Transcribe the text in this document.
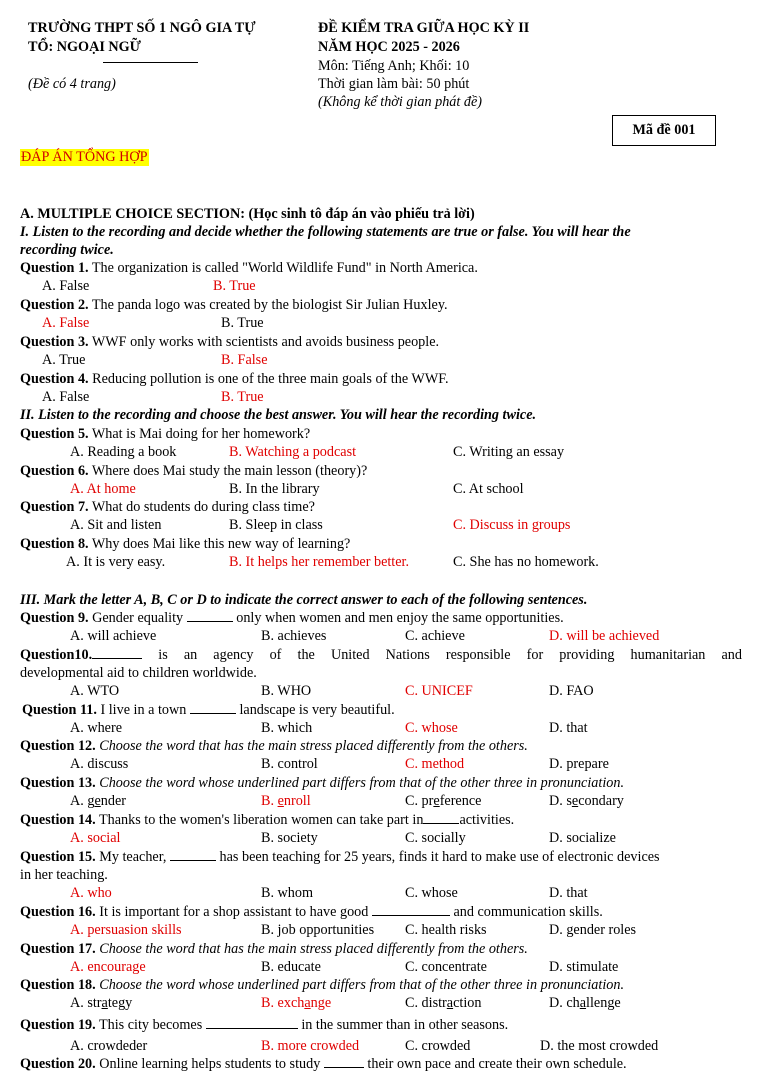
TRƯỜNG THPT SỐ 1 NGÔ GIA TỰ
TỔ: NGOẠI NGỮ
(Đề có 4 trang)
ĐỀ KIỂM TRA GIỮA HỌC KỲ II
NĂM HỌC 2025 - 2026
Môn: Tiếng Anh; Khối: 10
Thời gian làm bài: 50 phút
(Không kể thời gian phát đề)
Mã đề 001
ĐÁP ÁN TỔNG HỢP
A. MULTIPLE CHOICE SECTION: (Học sinh tô đáp án vào phiếu trả lời)
I. Listen to the recording and decide whether the following statements are true or false. You will hear the
recording twice.
Question 1. The organization is called "World Wildlife Fund" in North America.
A. False	B. True
Question 2. The panda logo was created by the biologist Sir Julian Huxley.
A. False	B. True
Question 3. WWF only works with scientists and avoids business people.
A. True	B. False
Question 4. Reducing pollution is one of the three main goals of the WWF.
A. False	B. True
II. Listen to the recording and choose the best answer. You will hear the recording twice.
Question 5. What is Mai doing for her homework?
A. Reading a book	B. Watching a podcast	C. Writing an essay
Question 6. Where does Mai study the main lesson (theory)?
A. At home	B. In the library	C. At school
Question 7. What do students do during class time?
A. Sit and listen	B. Sleep in class	C. Discuss in groups
Question 8. Why does Mai like this new way of learning?
A. It is very easy.	B. It helps her remember better.	C. She has no homework.
III. Mark the letter A, B, C or D to indicate the correct answer to each of the following sentences.
Question 9. Gender equality	only when women and men enjoy the same opportunities.
A. will achieve	B. achieves	C. achieve	D. will be achieved
Question10.	is an agency of the United Nations responsible for providing humanitarian and
developmental aid to children worldwide.
A. WTO	B. WHO	C. UNICEF	D. FAO
Question 11. I live in a town	landscape is very beautiful.
A. where	B. which	C. whose	D. that
Question 12. Choose the word that has the main stress placed differently from the others.
A. discuss	B. control	C. method	D. prepare
Question 13. Choose the word whose underlined part differs from that of the other three in pronunciation.
A. gender	B. enroll	C. preference	D. secondary
Question 14. Thanks to the women's liberation women can take part in	activities.
A. social	B. society	C. socially	D. socialize
Question 15. My teacher,	has been teaching for 25 years, finds it hard to make use of electronic devices
in her teaching.
A. who	B. whom	C. whose	D. that
Question 16. It is important for a shop assistant to have good	and communication skills.
A. persuasion skills	B. job opportunities C. health risks	D. gender roles
Question 17. Choose the word that has the main stress placed differently from the others.
A. encourage	B. educate	C. concentrate	D. stimulate
Question 18. Choose the word whose underlined part differs from that of the other three in pronunciation.
A. strategy	B. exchange	C. distraction	D. challenge
Question 19. This city becomes	in the summer than in other seasons.
A. crowdeder	B. more crowded	C. crowded	D. the most crowded
Question 20. Online learning helps students to study	their own pace and create their own schedule.
